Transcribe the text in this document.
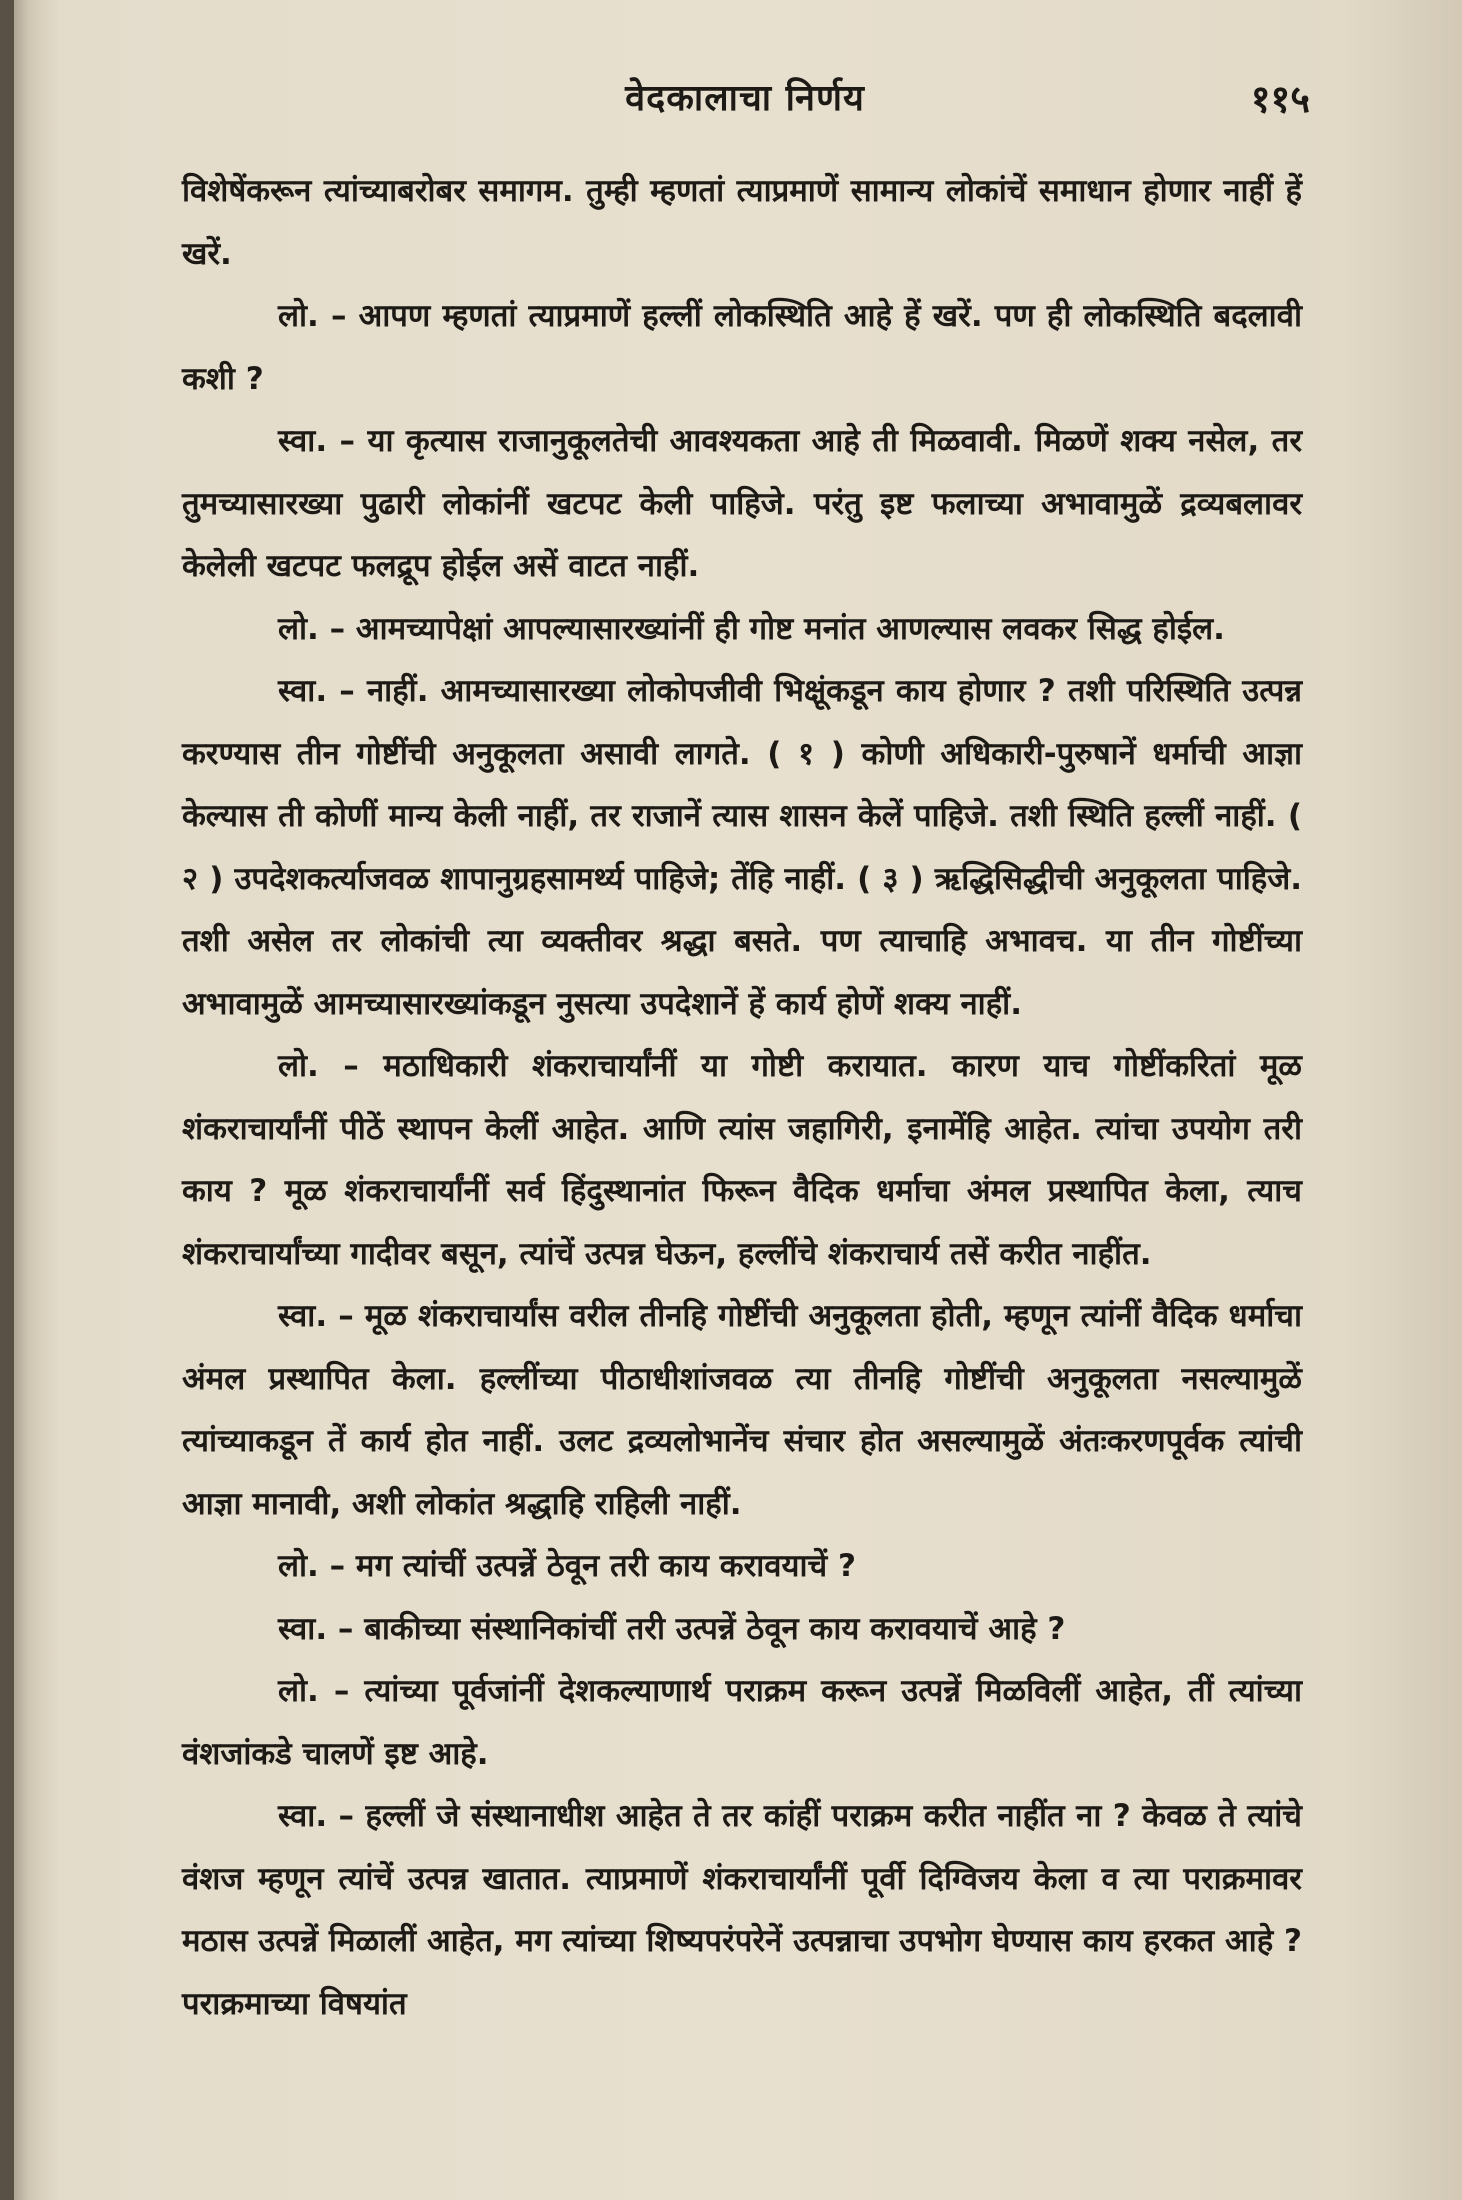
वेदकालाचा निर्णय	११५

विशेषेंकरून त्यांच्याबरोबर समागम. तुम्ही म्हणतां त्याप्रमाणें सामान्य लोकांचें समाधान होणार नाहीं हें खरें.

लो. – आपण म्हणतां त्याप्रमाणें हल्लीं लोकस्थिति आहे हें खरें. पण ही लोकस्थिति बदलावी कशी ?

स्वा. – या कृत्यास राजानुकूलतेची आवश्यकता आहे ती मिळवावी. मिळणें शक्य नसेल, तर तुमच्यासारख्या पुढारी लोकांनीं खटपट केली पाहिजे. परंतु इष्ट फलाच्या अभावामुळें द्रव्यबलावर केलेली खटपट फलद्रूप होईल असें वाटत नाहीं.

लो. – आमच्यापेक्षां आपल्यासारख्यांनीं ही गोष्ट मनांत आणल्यास लवकर सिद्ध होईल.

स्वा. – नाहीं. आमच्यासारख्या लोकोपजीवी भिक्षूंकडून काय होणार ? तशी परिस्थिति उत्पन्न करण्यास तीन गोष्टींची अनुकूलता असावी लागते. ( १ ) कोणी अधिकारी-पुरुषानें धर्माची आज्ञा केल्यास ती कोणीं मान्य केली नाहीं, तर राजानें त्यास शासन केलें पाहिजे. तशी स्थिति हल्लीं नाहीं. ( २ ) उपदेशकर्त्याजवळ शापानुग्रहसामर्थ्य पाहिजे; तेंहि नाहीं. ( ३ ) ऋद्धिसिद्धीची अनुकूलता पाहिजे. तशी असेल तर लोकांची त्या व्यक्तीवर श्रद्धा बसते. पण त्याचाहि अभावच. या तीन गोष्टींच्या अभावामुळें आमच्यासारख्यांकडून नुसत्या उपदेशानें हें कार्य होणें शक्य नाहीं.

लो. – मठाधिकारी शंकराचार्यांनीं या गोष्टी करायात. कारण याच गोष्टींकरितां मूळ शंकराचार्यांनीं पीठें स्थापन केलीं आहेत. आणि त्यांस जहागिरी, इनामेंहि आहेत. त्यांचा उपयोग तरी काय ? मूळ शंकराचार्यांनीं सर्व हिंदुस्थानांत फिरून वैदिक धर्माचा अंमल प्रस्थापित केला, त्याच शंकराचार्यांच्या गादीवर बसून, त्यांचें उत्पन्न घेऊन, हल्लींचे शंकराचार्य तसें करीत नाहींत.

स्वा. – मूळ शंकराचार्यांस वरील तीनहि गोष्टींची अनुकूलता होती, म्हणून त्यांनीं वैदिक धर्माचा अंमल प्रस्थापित केला. हल्लींच्या पीठाधीशांजवळ त्या तीनहि गोष्टींची अनुकूलता नसल्यामुळें त्यांच्याकडून तें कार्य होत नाहीं. उलट द्रव्यलोभानेंच संचार होत असल्यामुळें अंतःकरणपूर्वक त्यांची आज्ञा मानावी, अशी लोकांत श्रद्धाहि राहिली नाहीं.

लो. – मग त्यांचीं उत्पन्नें ठेवून तरी काय करावयाचें ?

स्वा. – बाकीच्या संस्थानिकांचीं तरी उत्पन्नें ठेवून काय करावयाचें आहे ?

लो. – त्यांच्या पूर्वजांनीं देशकल्याणार्थ पराक्रम करून उत्पन्नें मिळविलीं आहेत, तीं त्यांच्या वंशजांकडे चालणें इष्ट आहे.

स्वा. – हल्लीं जे संस्थानाधीश आहेत ते तर कांहीं पराक्रम करीत नाहींत ना ? केवळ ते त्यांचे वंशज म्हणून त्यांचें उत्पन्न खातात. त्याप्रमाणें शंकराचार्यांनीं पूर्वी दिग्विजय केला व त्या पराक्रमावर मठास उत्पन्नें मिळालीं आहेत, मग त्यांच्या शिष्यपरंपरेनें उत्पन्नाचा उपभोग घेण्यास काय हरकत आहे ? पराक्रमाच्या विषयांत
